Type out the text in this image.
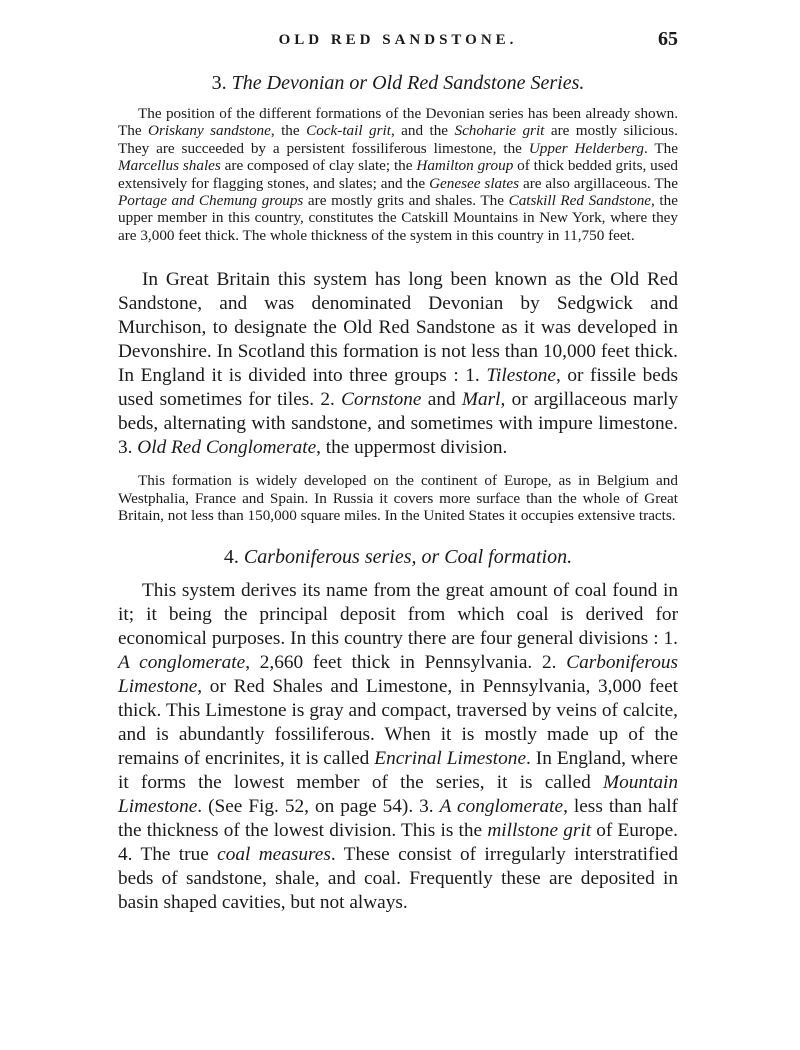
OLD RED SANDSTONE.	65
3. The Devonian or Old Red Sandstone Series.

The position of the different formations of the Devonian series has been already shown. The Oriskany sandstone, the Cock-tail grit, and the Schoharie grit are mostly silicious. They are succeeded by a persistent fossiliferous limestone, the Upper Helderberg. The Marcellus shales are composed of clay slate; the Hamilton group of thick bedded grits, used extensively for flagging stones, and slates; and the Genesee slates are also argillaceous. The Portage and Chemung groups are mostly grits and shales. The Catskill Red Sandstone, the upper member in this country, constitutes the Catskill Mountains in New York, where they are 3,000 feet thick. The whole thickness of the system in this country in 11,750 feet.

In Great Britain this system has long been known as the Old Red Sandstone, and was denominated Devonian by Sedgwick and Murchison, to designate the Old Red Sandstone as it was developed in Devonshire. In Scotland this formation is not less than 10,000 feet thick. In England it is divided into three groups : 1. Tilestone, or fissile beds used sometimes for tiles. 2. Cornstone and Marl, or argillaceous marly beds, alternating with sandstone, and sometimes with impure limestone. 3. Old Red Conglomerate, the uppermost division.

This formation is widely developed on the continent of Europe, as in Belgium and Westphalia, France and Spain. In Russia it covers more surface than the whole of Great Britain, not less than 150,000 square miles. In the United States it occupies extensive tracts.

4. Carboniferous series, or Coal formation.

This system derives its name from the great amount of coal found in it; it being the principal deposit from which coal is derived for economical purposes. In this country there are four general divisions : 1. A conglomerate, 2,660 feet thick in Pennsylvania. 2. Carboniferous Limestone, or Red Shales and Limestone, in Pennsylvania, 3,000 feet thick. This Limestone is gray and compact, traversed by veins of calcite, and is abundantly fossiliferous. When it is mostly made up of the remains of encrinites, it is called Encrinal Limestone. In England, where it forms the lowest member of the series, it is called Mountain Limestone. (See Fig. 52, on page 54). 3. A conglomerate, less than half the thickness of the lowest division. This is the millstone grit of Europe. 4. The true coal measures. These consist of irregularly interstratified beds of sandstone, shale, and coal. Frequently these are deposited in basin shaped cavities, but not always.
